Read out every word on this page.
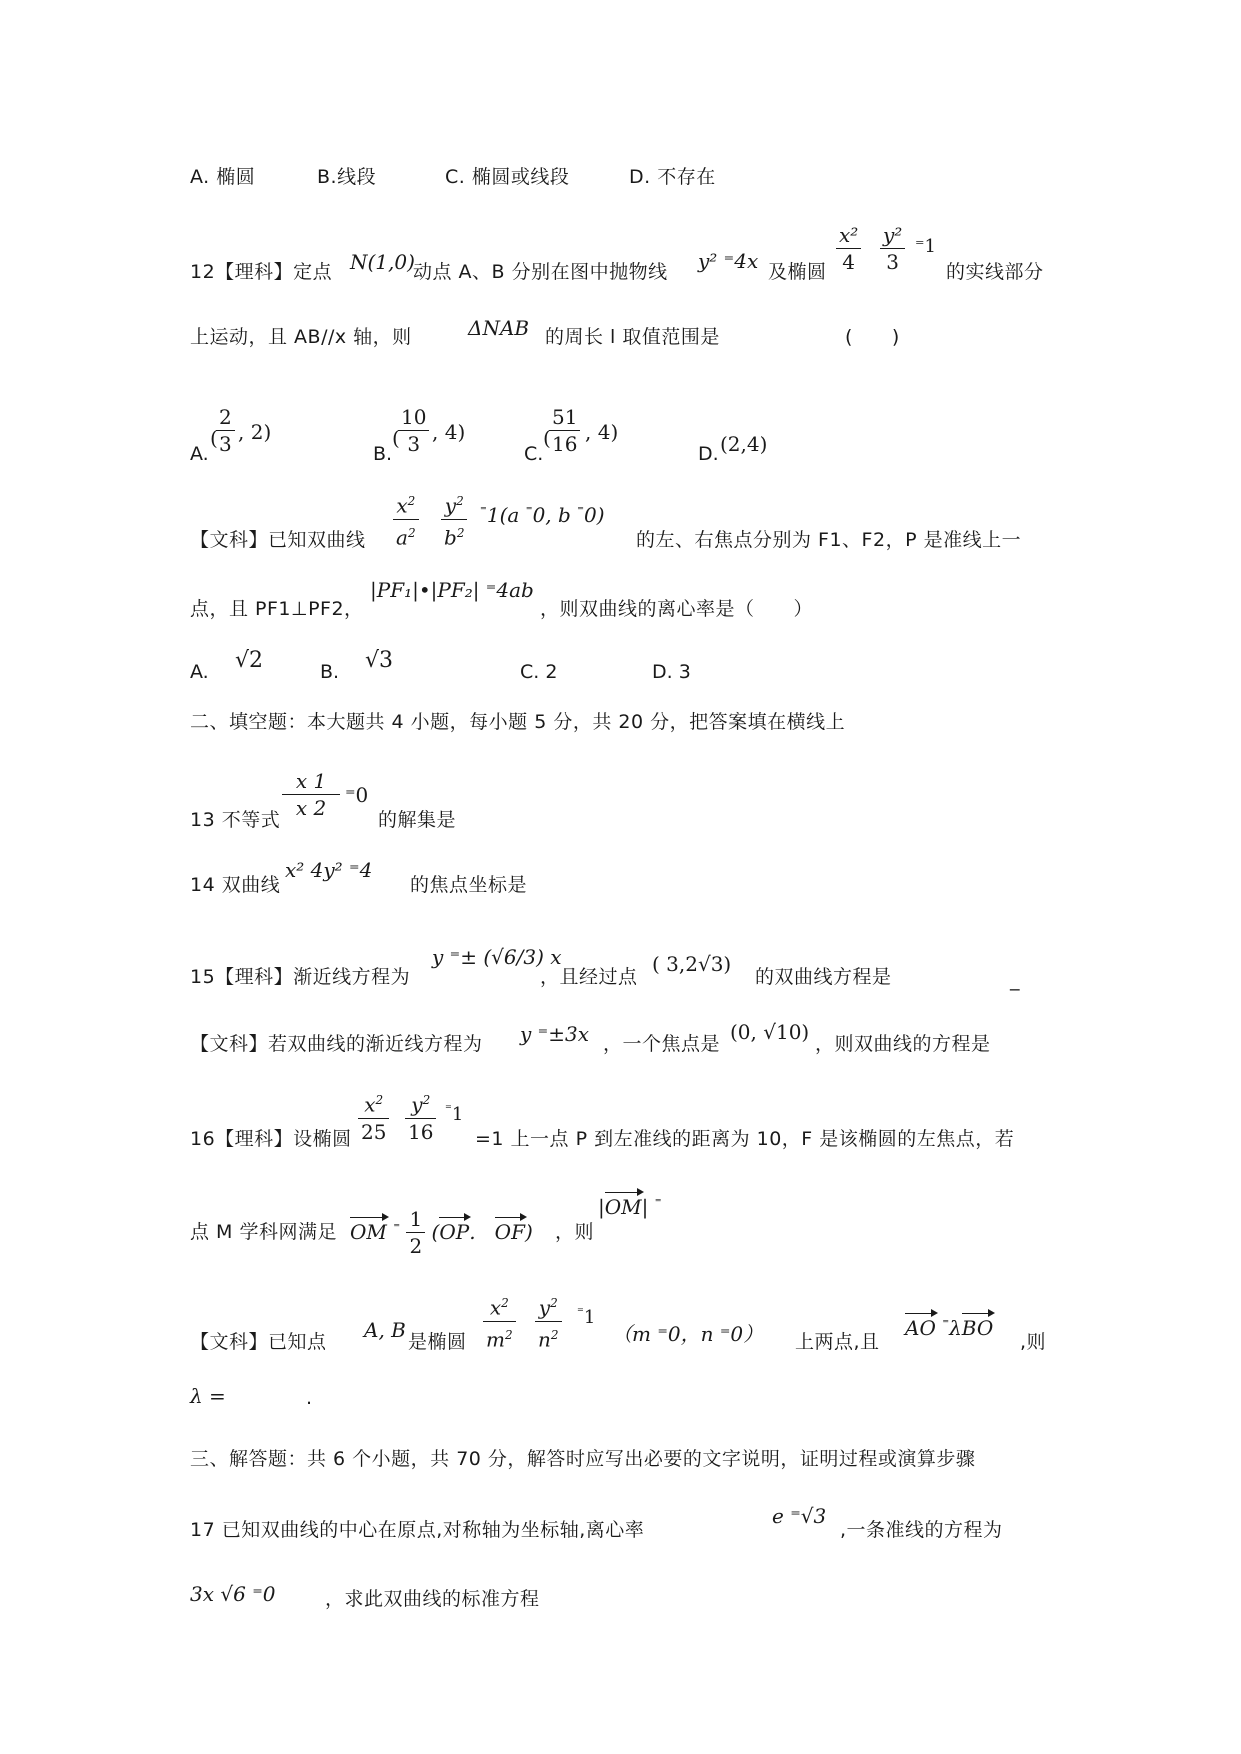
A. 椭圆	B.线段	C. 椭圆或线段	D. 不存在
12【理科】定点 N(1,0)
动点 A、B 分别在图中抛物线 y² ⁼4x 及椭圆 $\frac{\text{x²}}{4} \frac{\text{y²}}{3} ^=1$
的实线部分
上运动，且 AB//x 轴，则	ΔNAB 的周长 l 取值范围是	(　　)
A.
(
$\frac{2}{3}$ , 2)
B.
(
$\frac{10}{3}$ , 4)
C.
(
$\frac{51}{16}$ , 4)
D. (2,4)
【文科】已知双曲线 $\frac{x^2}{a^2} \frac{y^2}{b^2} ^{^=}1(a$ ⁼0, b ⁼0)
的左、右焦点分别为 F1、F2，P 是准线上一
点，且 PF1⊥PF2，
|PF₁|•|PF₂| ⁼4ab
，则双曲线的离心率是（　　）
A. √2	B. √3	C. 2	D. 3
二、填空题：本大题共 4 小题，每小题 5 分，共 20 分，把答案填在横线上
13 不等式 $\frac{x 1}{x 2} ^=0$
的解集是
14 双曲线
x² 4y² ⁼4
的焦点坐标是
15【理科】渐近线方程为
y ⁼± (√6/3) x
，且经过点
( 3,2√3)
的双曲线方程是	_
【文科】若双曲线的渐近线方程为 y ⁼±3x ，一个焦点是 (0, √10) ，则双曲线的方程是
16【理科】设椭圆 $\frac{x^2}{25} \frac{y^2}{16} ^{^=}1$
=1 上一点 P 到左准线的距离为 10，F 是该椭圆的左焦点，若
点 M 学科网满足 OM $^{^=} \frac{1}{2} (OP$.   OF) ，则
|OM| ⁼
【文科】已知点 A, B 是椭圆 $\frac{x^2}{m^2} \frac{y^2}{n^2} ^{^=}1$
（m ⁼0，n ⁼0） 上两点,且
AO ⁼λBO
,则
λ =	.
三、解答题：共 6 个小题，共 70 分，解答时应写出必要的文字说明，证明过程或演算步骤
17 已知双曲线的中心在原点,对称轴为坐标轴,离心率
e ⁼√3
,一条准线的方程为
3x √6 ⁼0	，求此双曲线的标准方程
